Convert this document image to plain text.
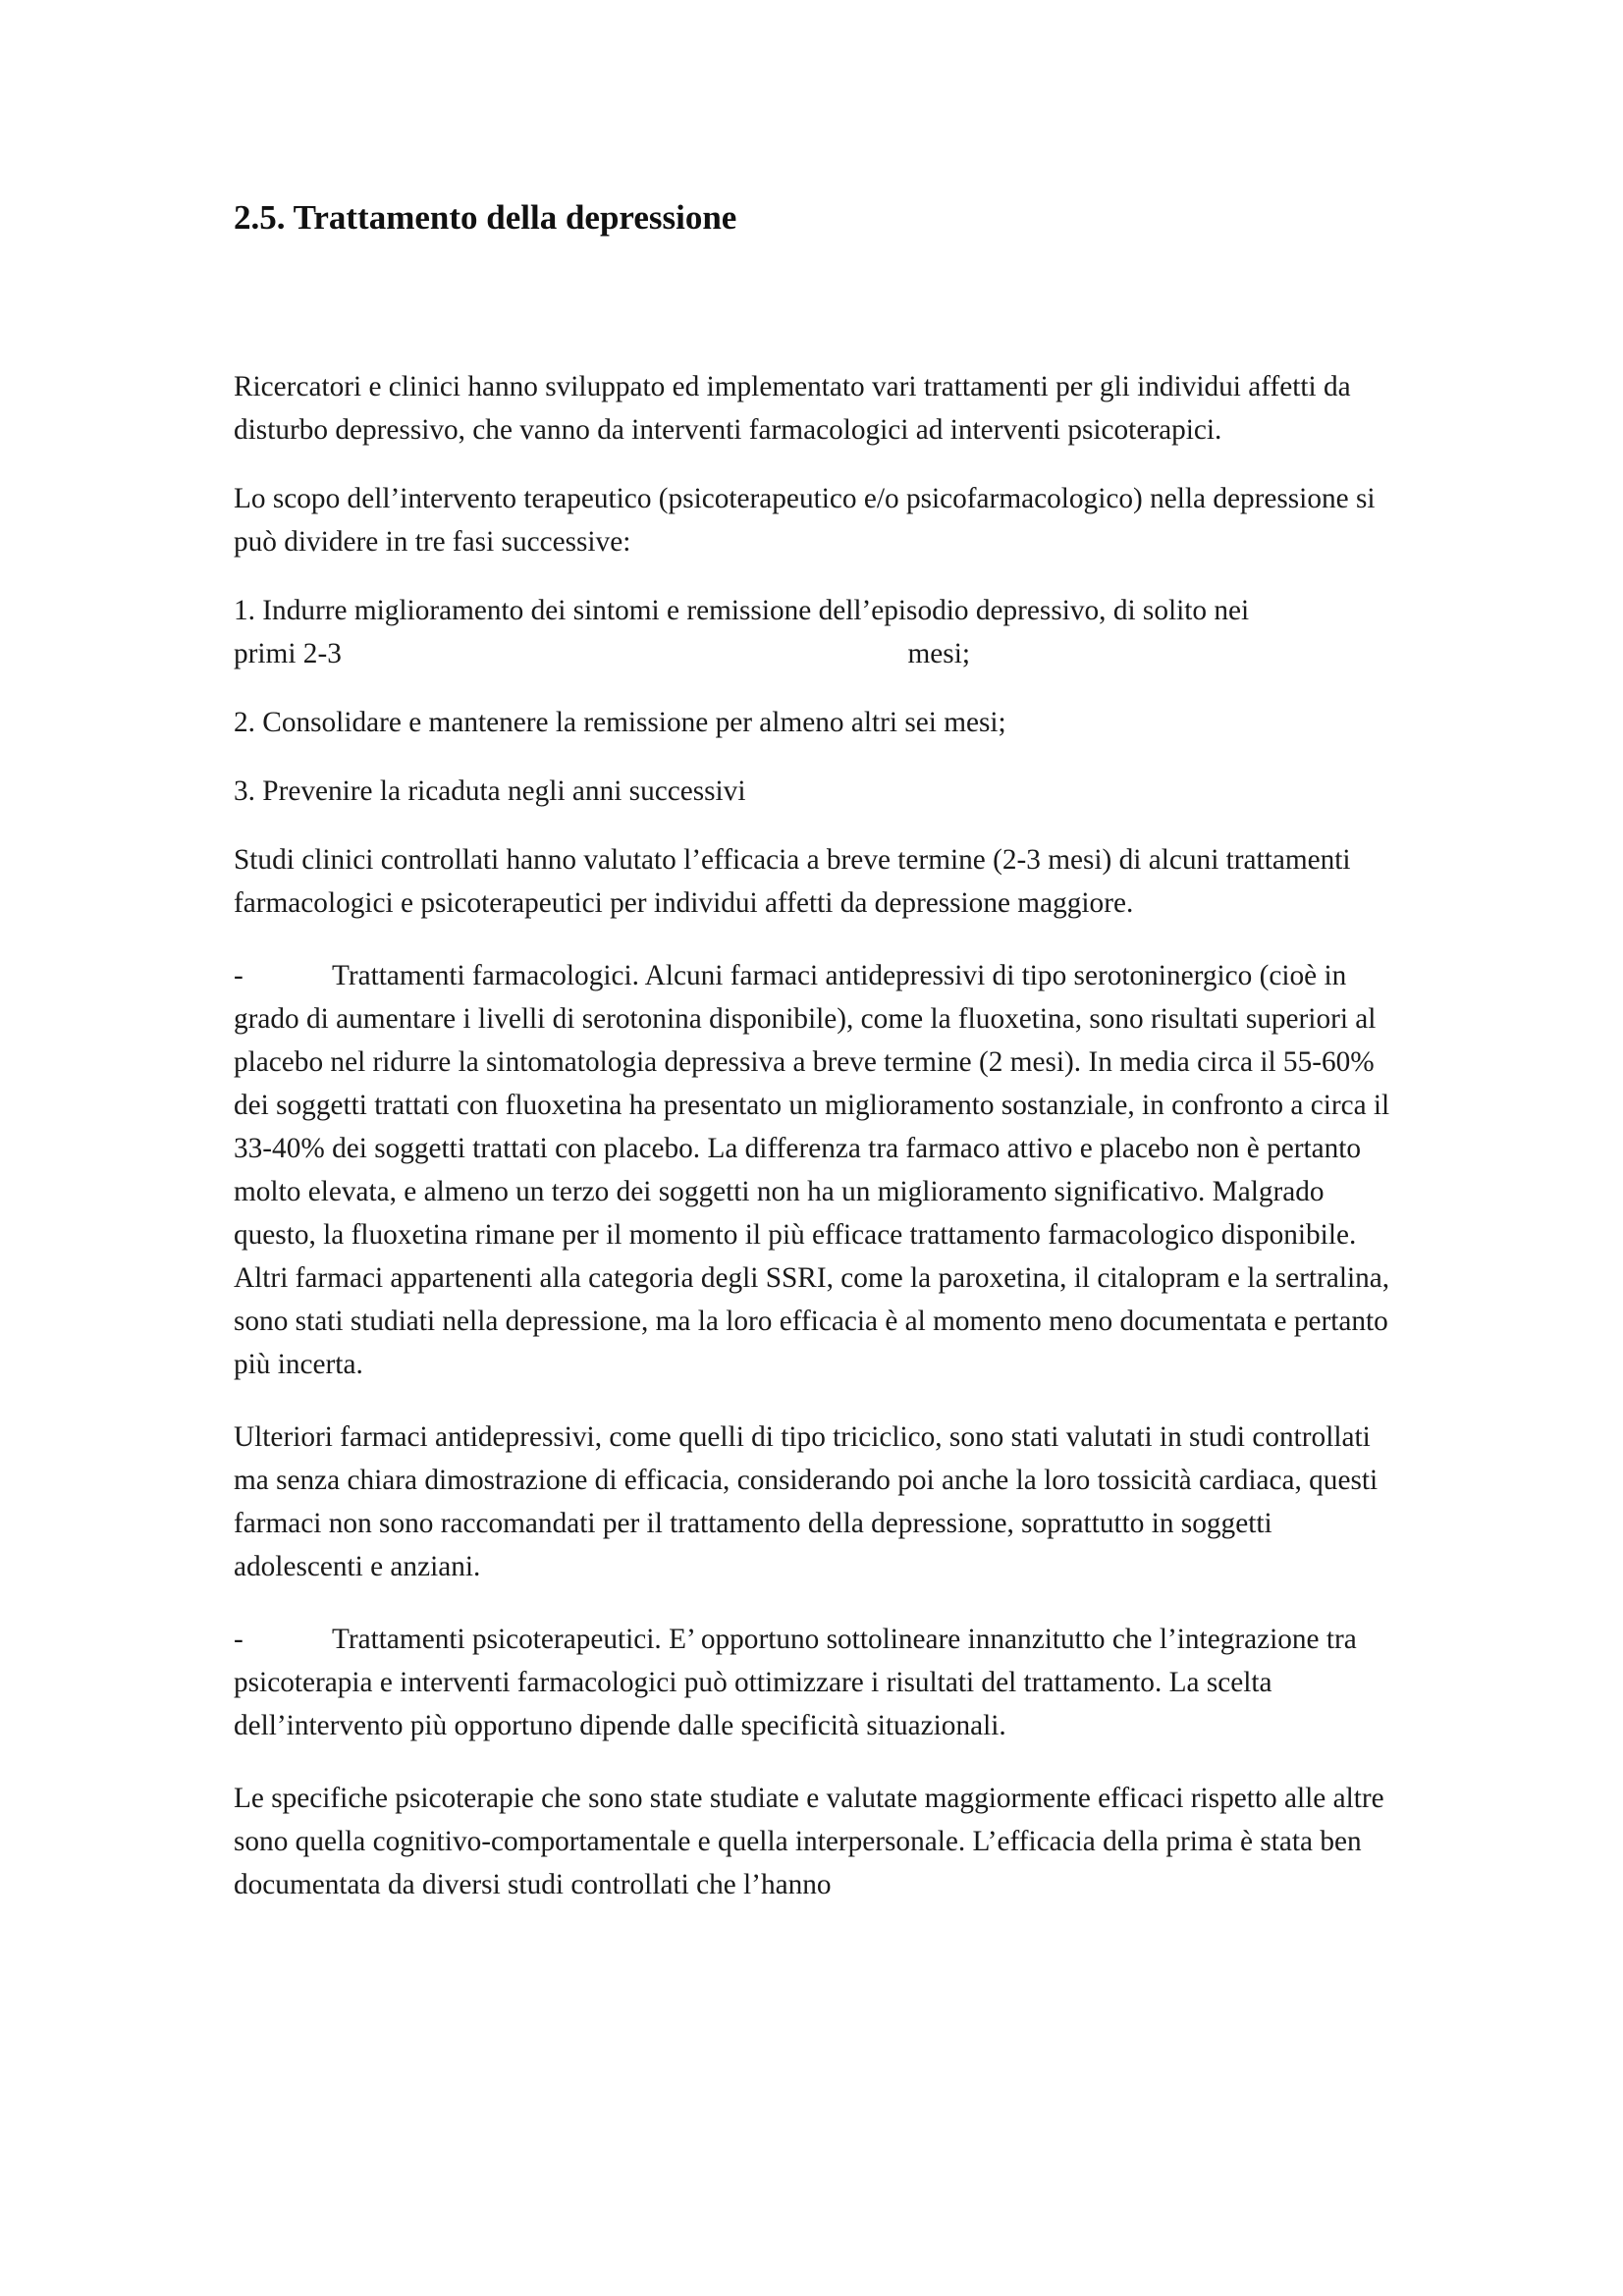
2.5. Trattamento della depressione

Ricercatori e clinici hanno sviluppato ed implementato vari trattamenti per gli individui affetti da disturbo depressivo, che vanno da interventi farmacologici ad interventi psicoterapici.

Lo scopo dell’intervento terapeutico (psicoterapeutico e/o psicofarmacologico) nella depressione si può dividere in tre fasi successive:

1. Indurre miglioramento dei sintomi e remissione dell’episodio depressivo, di solito nei

primi 2-3	mesi;

2. Consolidare e mantenere la remissione per almeno altri sei mesi;

3. Prevenire la ricaduta negli anni successivi

Studi clinici controllati hanno valutato l’efficacia a breve termine (2-3 mesi) di alcuni trattamenti farmacologici e psicoterapeutici per individui affetti da depressione maggiore.

-	Trattamenti farmacologici. Alcuni farmaci antidepressivi di tipo serotoninergico (cioè in grado di aumentare i livelli di serotonina disponibile), come la fluoxetina, sono risultati superiori al placebo nel ridurre la sintomatologia depressiva a breve termine (2 mesi). In media circa il 55-60% dei soggetti trattati con fluoxetina ha presentato un miglioramento sostanziale, in confronto a circa il 33-40% dei soggetti trattati con placebo. La differenza tra farmaco attivo e placebo non è pertanto molto elevata, e almeno un terzo dei soggetti non ha un miglioramento significativo. Malgrado questo, la fluoxetina rimane per il momento il più efficace trattamento farmacologico disponibile. Altri farmaci appartenenti alla categoria degli SSRI, come la paroxetina, il citalopram e la sertralina, sono stati studiati nella depressione, ma la loro efficacia è al momento meno documentata e pertanto più incerta.

Ulteriori farmaci antidepressivi, come quelli di tipo triciclico, sono stati valutati in studi controllati ma senza chiara dimostrazione di efficacia, considerando poi anche la loro tossicità cardiaca, questi farmaci non sono raccomandati per il trattamento della depressione, soprattutto in soggetti adolescenti e anziani.

-	Trattamenti psicoterapeutici. E’ opportuno sottolineare innanzitutto che l’integrazione tra psicoterapia e interventi farmacologici può ottimizzare i risultati del trattamento. La scelta dell’intervento più opportuno dipende dalle specificità situazionali.

Le specifiche psicoterapie che sono state studiate e valutate maggiormente efficaci rispetto alle altre sono quella cognitivo-comportamentale e quella interpersonale. L’efficacia della prima è stata ben documentata da diversi studi controllati che l’hanno
